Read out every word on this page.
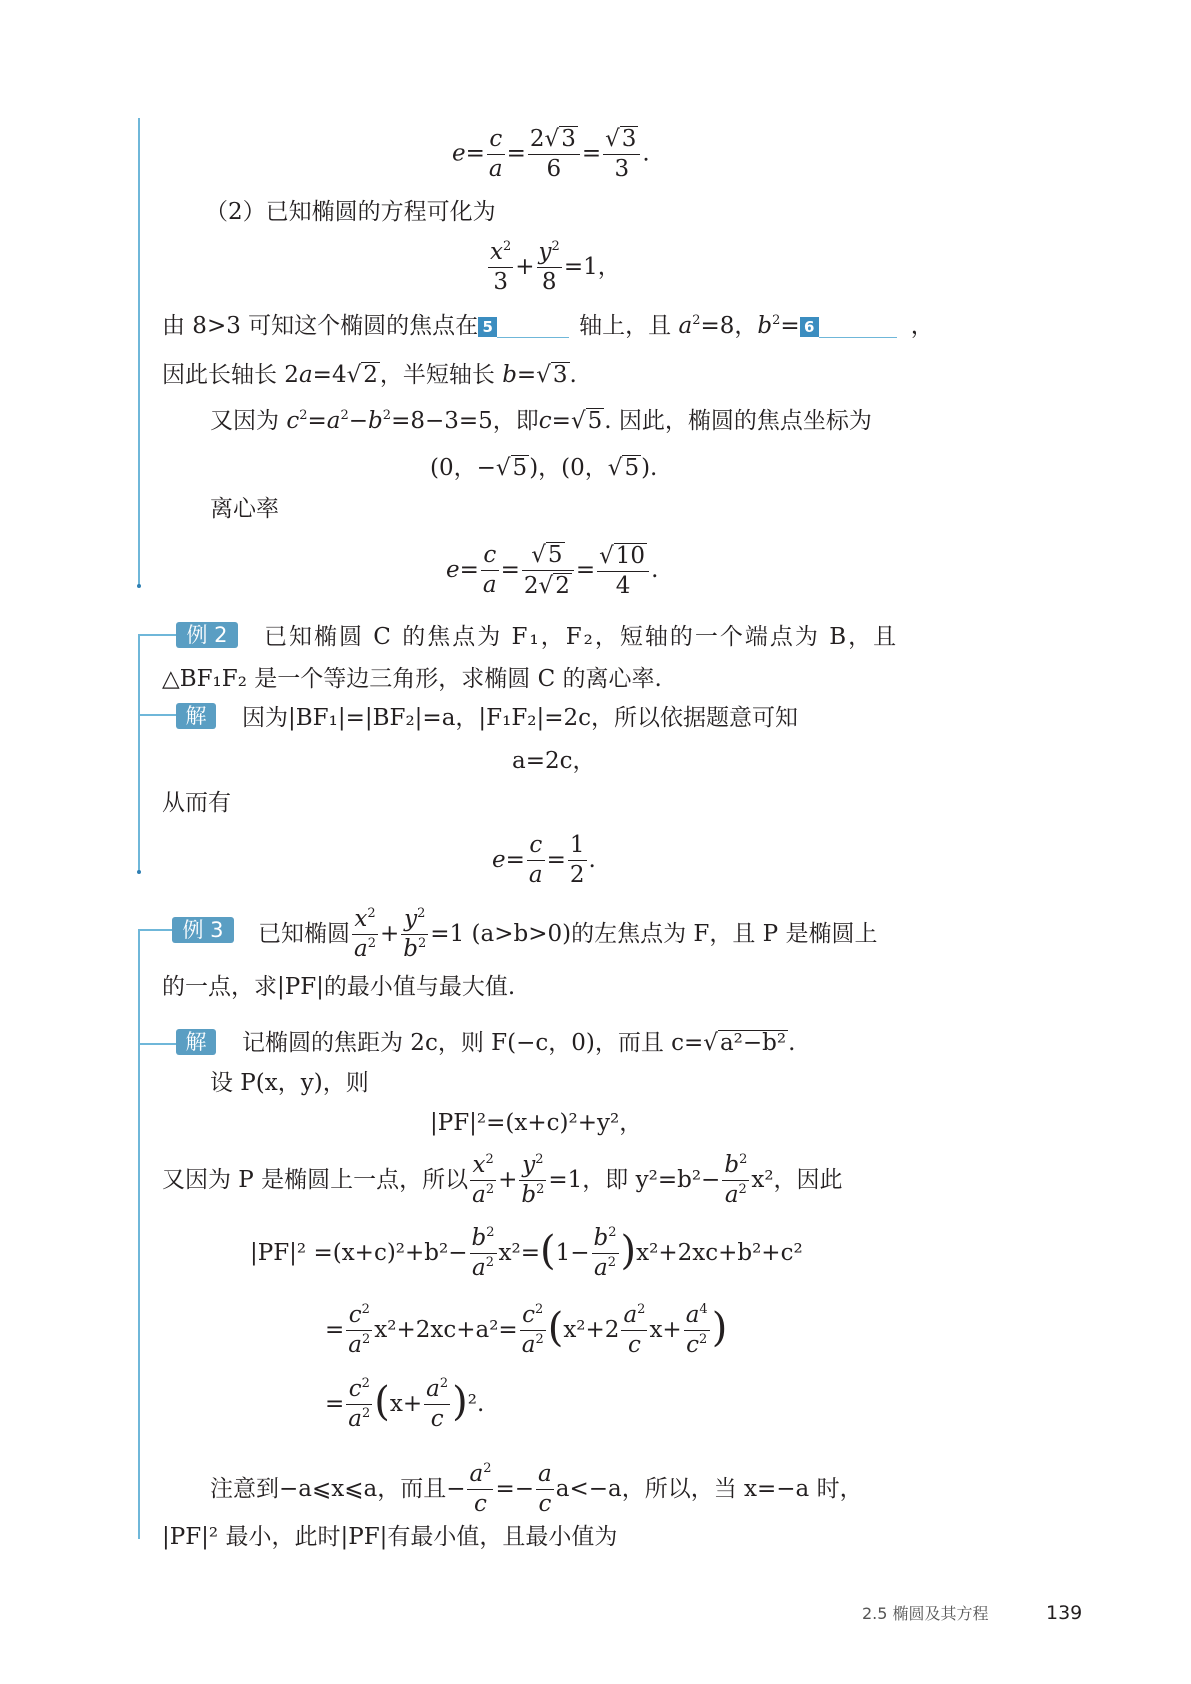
$e= \frac{c}{a} = \frac{2√3}{6} = \frac{√3}{3}$ .
（2）已知椭圆的方程可化为
$\frac{x^2}{3} + \frac{y^2}{8} =1$，
由 8>3 可知这个椭圆的焦点在 5	轴上，且 $a^2=8$，$b^2= 6$	，
因此长轴长 2a=4√2，半短轴长 b=√3.
又因为 $c^2=a^2-b^2=8-3=5$，即c=√5. 因此，椭圆的焦点坐标为
(0，−√5)，(0，√5).
离心率
$e= \frac{c}{a} = \frac{√5}{2√2} = \frac{√10}{4}$ .
例 2	已知椭圆 C 的焦点为 F₁，F₂，短轴的一个端点为 B，且
△BF₁F₂ 是一个等边三角形，求椭圆 C 的离心率.
解	因为|BF₁|=|BF₂|=a，|F₁F₂|=2c，所以依据题意可知
a=2c，
从而有
$e= \frac{c}{a} = \frac{1}{2}$ .
例 3	已知椭圆 $\frac{x^2}{a^2} + \frac{y^2}{b^2} =1$ (a>b>0)的左焦点为 F，且 P 是椭圆上
的一点，求|PF|的最小值与最大值.
解	记椭圆的焦距为 2c，则 F(−c，0)，而且 c=√a²−b².
设 P(x，y)，则
|PF|²=(x+c)²+y²，
又因为 P 是椭圆上一点，所以 $\frac{x^2}{a^2} + \frac{y^2}{b^2} =1$，即 $y^2=b^2- \frac{b^2}{a^2} x^2$，因此
$|PF|^2 =(x+c)^2+b^2- \frac{b^2}{a^2} x^2=(1- \frac{b^2}{a^2} )x^2+2xc+b^2+c^2$
= $\frac{c^2}{a^2} x^2+2xc+a^2= \frac{c^2}{a^2} (x^2+2 \frac{a^2}{c} x+ \frac{a^4}{c^2}$ )
= $\frac{c^2}{a^2} (x+ \frac{a^2}{c} )^2$.
注意到−a⩽x⩽a，而且− $\frac{a^2}{c} =- \frac{a}{c} a<-a$，所以，当 x=−a 时，
|PF|² 最小，此时|PF|有最小值，且最小值为
2.5 椭圆及其方程	139
